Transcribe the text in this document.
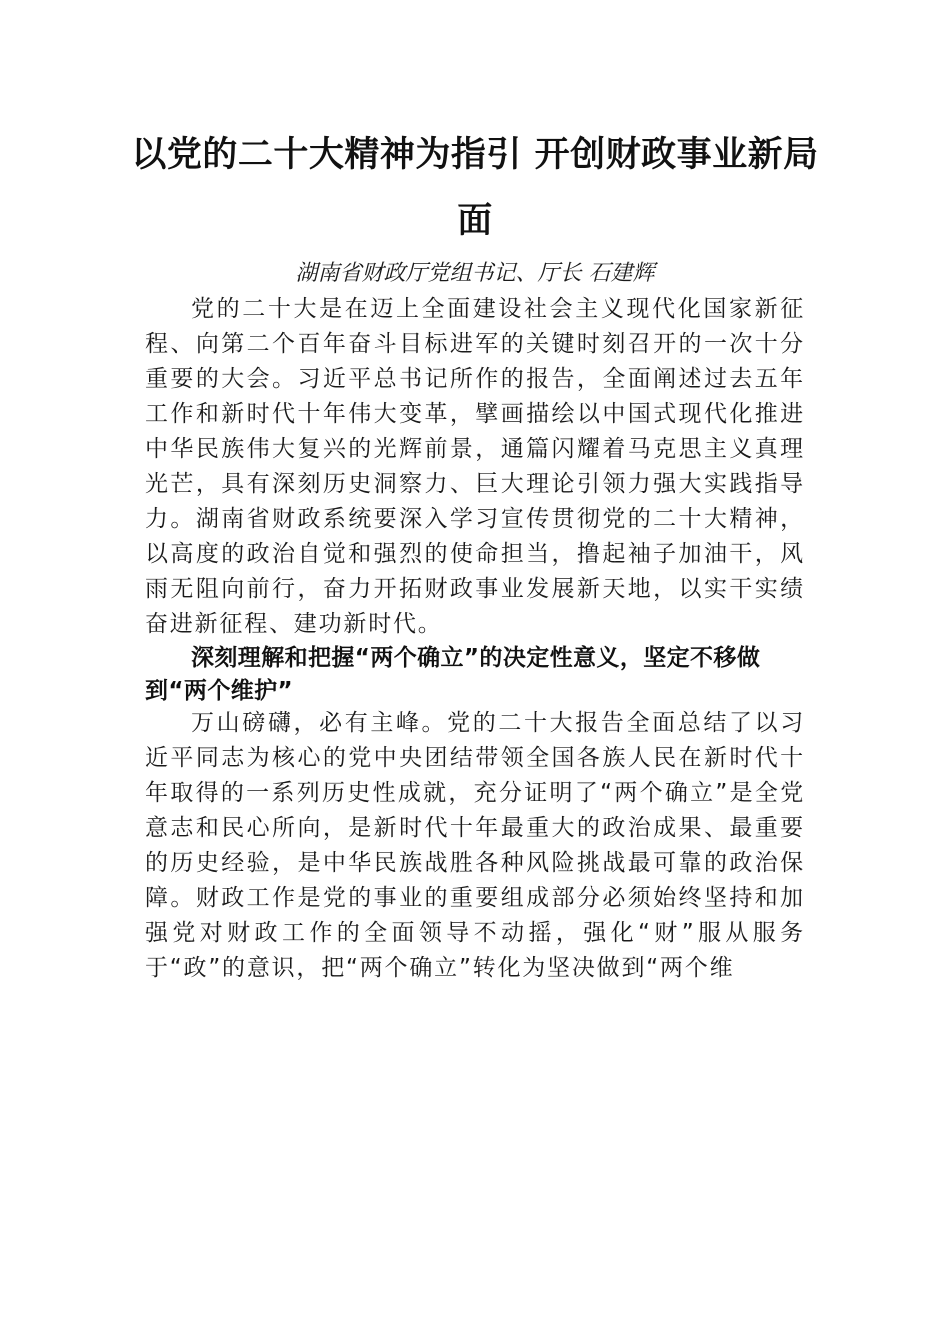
以党的二十大精神为指引 开创财政事业新局面
湖南省财政厅党组书记、厅长 石建辉

党的二十大是在迈上全面建设社会主义现代化国家新征程、向第二个百年奋斗目标进军的关键时刻召开的一次十分重要的大会。习近平总书记所作的报告，全面阐述过去五年工作和新时代十年伟大变革，擘画描绘以中国式现代化推进中华民族伟大复兴的光辉前景，通篇闪耀着马克思主义真理光芒，具有深刻历史洞察力、巨大理论引领力强大实践指导力。湖南省财政系统要深入学习宣传贯彻党的二十大精神，以高度的政治自觉和强烈的使命担当，撸起袖子加油干，风雨无阻向前行，奋力开拓财政事业发展新天地，以实干实绩奋进新征程、建功新时代。

深刻理解和把握“两个确立”的决定性意义，坚定不移做到“两个维护”

万山磅礴，必有主峰。党的二十大报告全面总结了以习近平同志为核心的党中央团结带领全国各族人民在新时代十年取得的一系列历史性成就，充分证明了“两个确立”是全党意志和民心所向，是新时代十年最重大的政治成果、最重要的历史经验，是中华民族战胜各种风险挑战最可靠的政治保障。财政工作是党的事业的重要组成部分必须始终坚持和加强党对财政工作的全面领导不动摇，强化“财”服从服务于“政”的意识，把“两个确立”转化为坚决做到“两个维
